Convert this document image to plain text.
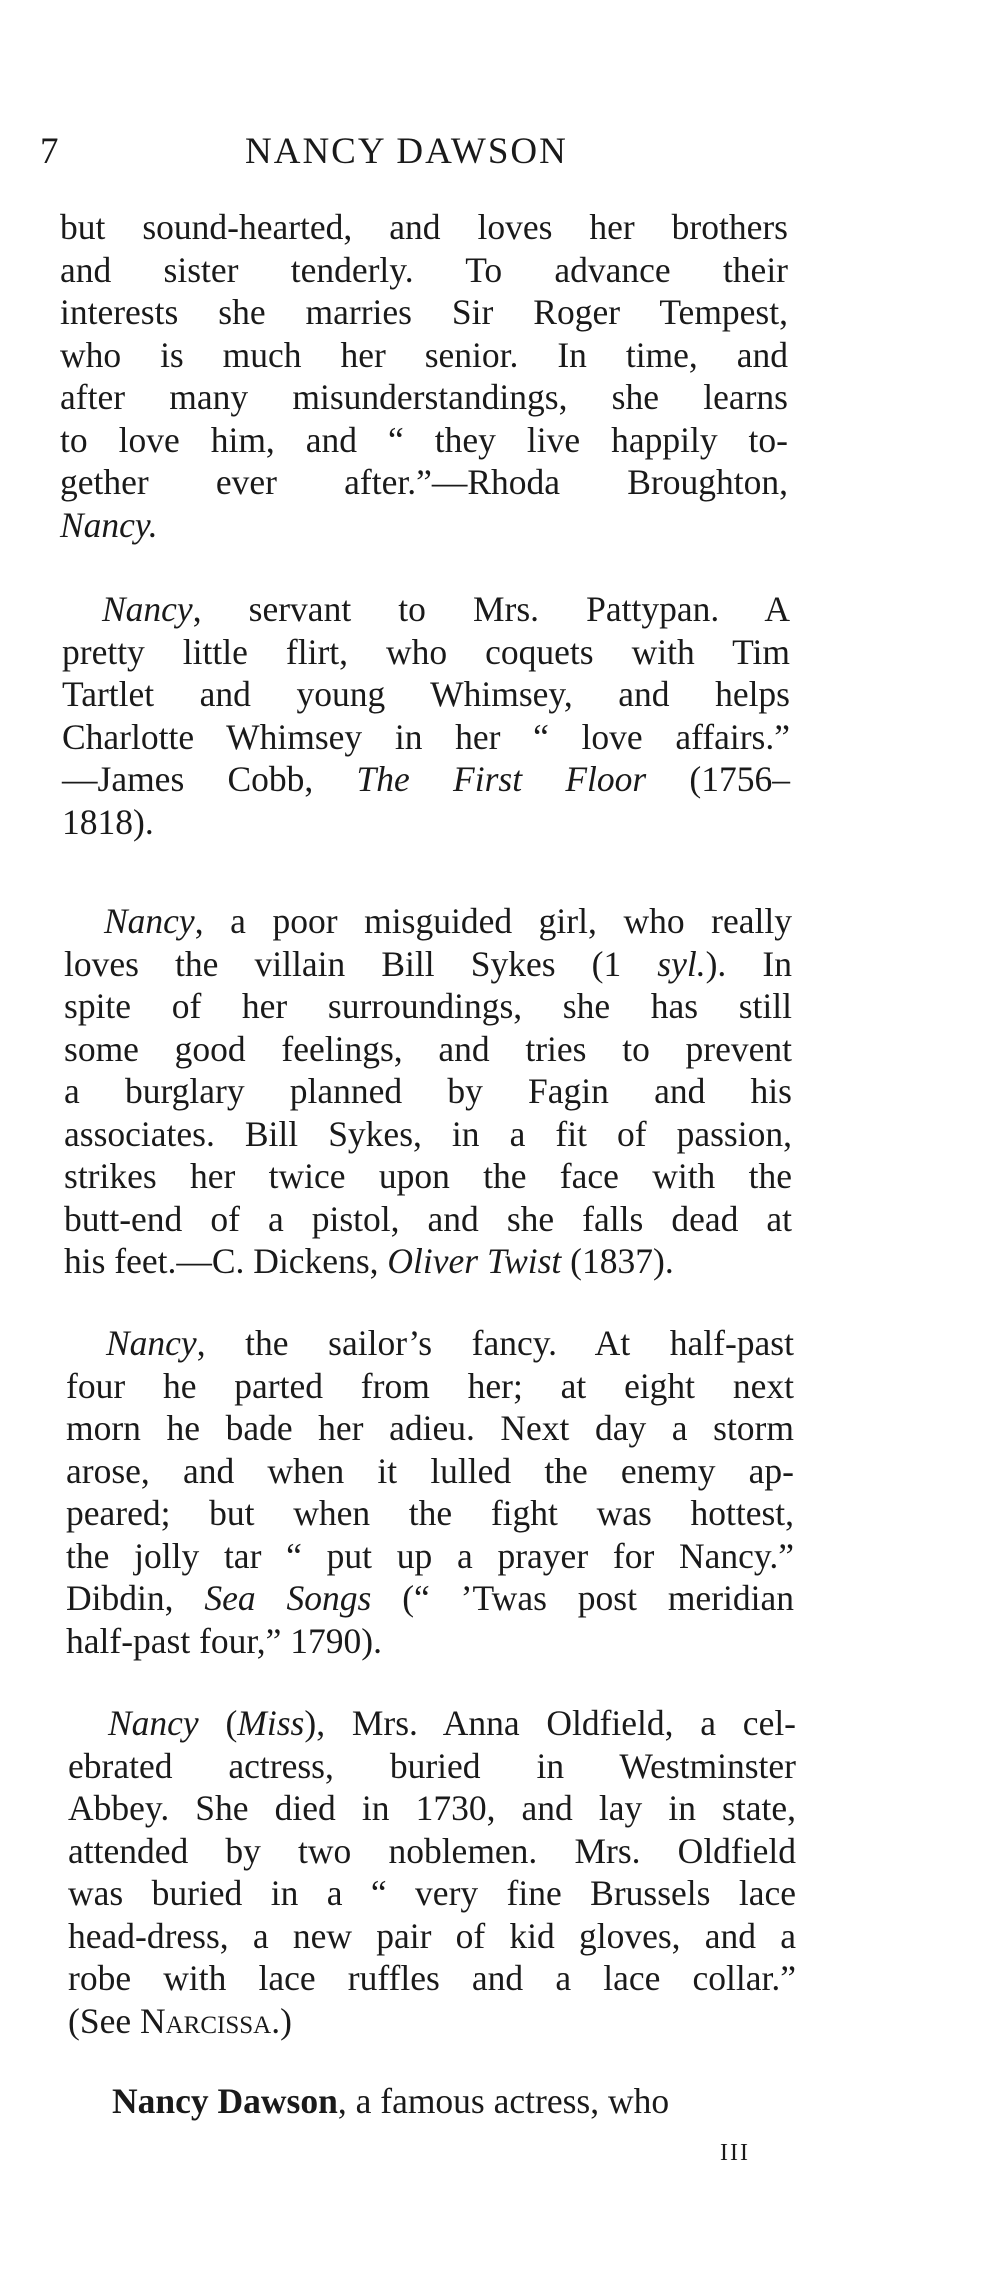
7	NANCY DAWSON
but sound-hearted, and loves her brothers
and sister tenderly. To advance their
interests she marries Sir Roger Tempest,
who is much her senior. In time, and
after many misunderstandings, she learns
to love him, and “ they live happily to-
gether ever after.”—Rhoda Broughton,
Nancy.
Nancy, servant to Mrs. Pattypan. A
pretty little flirt, who coquets with Tim
Tartlet and young Whimsey, and helps
Charlotte Whimsey in her “ love affairs.”
—James Cobb, The First Floor (1756–
1818).
Nancy, a poor misguided girl, who really
loves the villain Bill Sykes (1 syl.). In
spite of her surroundings, she has still
some good feelings, and tries to prevent
a burglary planned by Fagin and his
associates. Bill Sykes, in a fit of passion,
strikes her twice upon the face with the
butt-end of a pistol, and she falls dead at
his feet.—C. Dickens, Oliver Twist (1837).
Nancy, the sailor’s fancy. At half-past
four he parted from her; at eight next
morn he bade her adieu. Next day a storm
arose, and when it lulled the enemy ap-
peared; but when the fight was hottest,
the jolly tar “ put up a prayer for Nancy.”
Dibdin, Sea Songs (“ ’Twas post meridian
half-past four,” 1790).
Nancy (Miss), Mrs. Anna Oldfield, a cel-
ebrated actress, buried in Westminster
Abbey. She died in 1730, and lay in state,
attended by two noblemen. Mrs. Oldfield
was buried in a “ very fine Brussels lace
head-dress, a new pair of kid gloves, and a
robe with lace ruffles and a lace collar.”
(See Narcissa.)
Nancy Dawson, a famous actress, who
III
